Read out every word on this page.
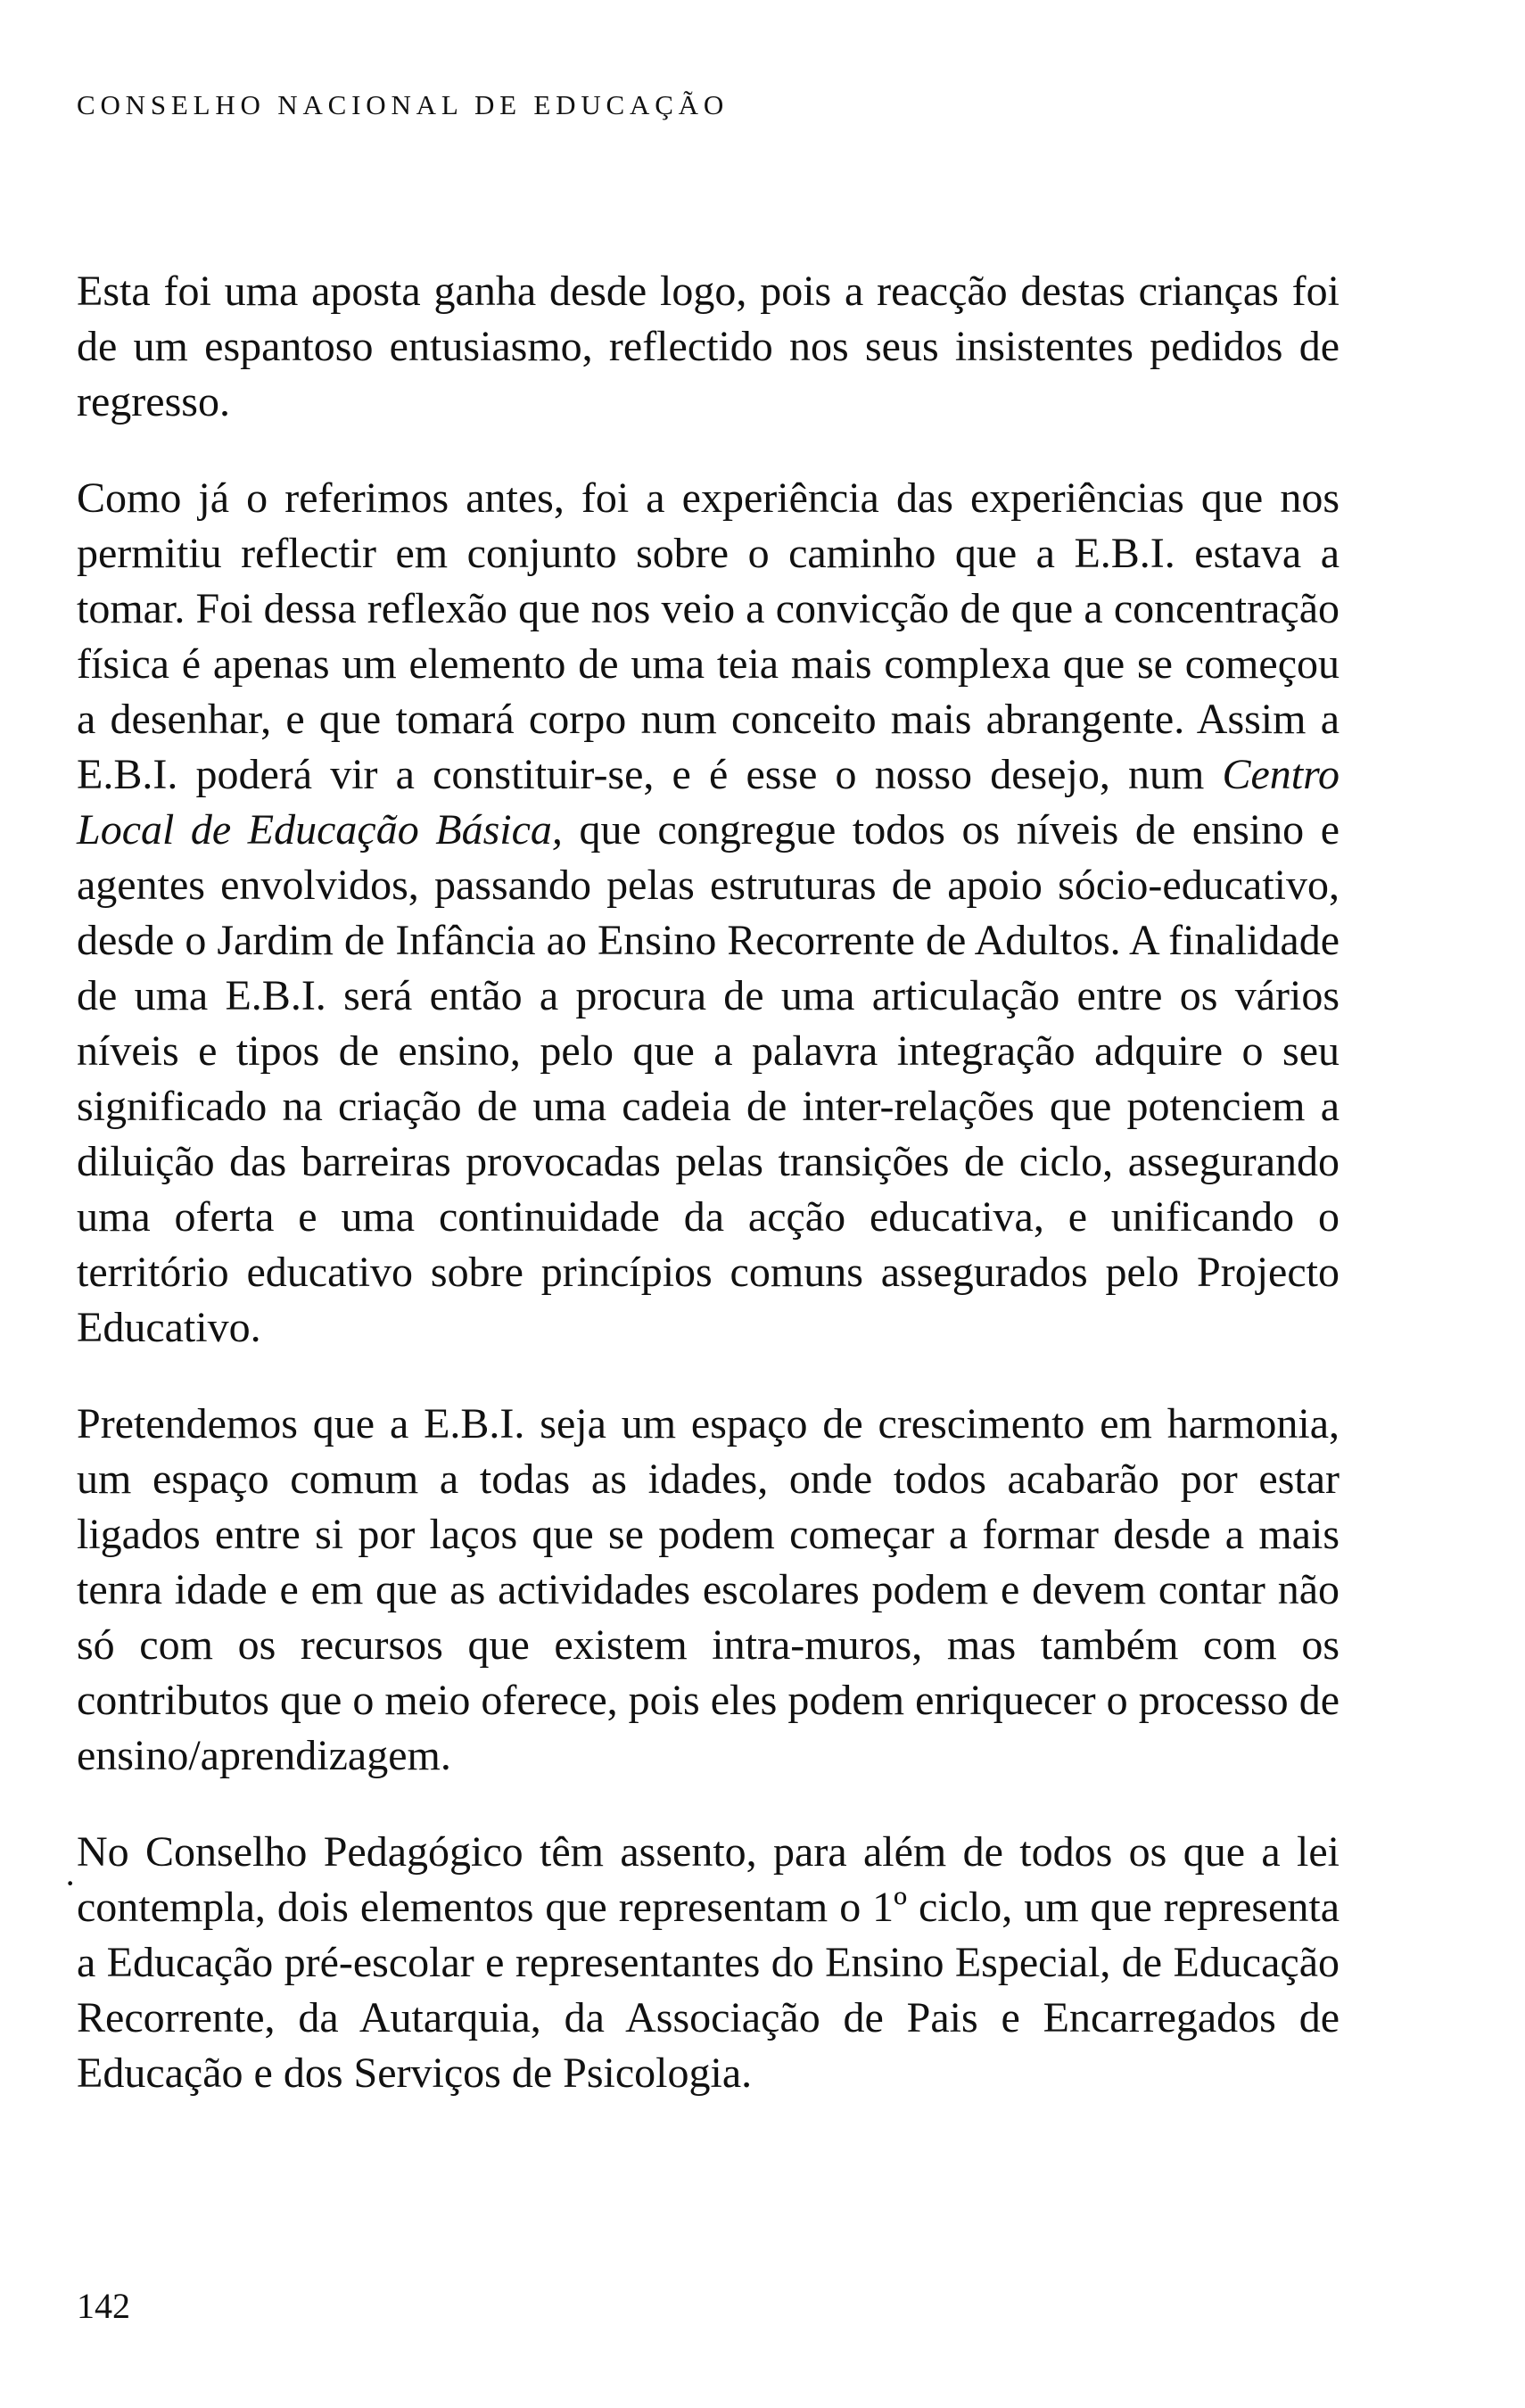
CONSELHO NACIONAL DE EDUCAÇÃO

Esta foi uma aposta ganha desde logo, pois a reacção destas crianças foi de um espantoso entusiasmo, reflectido nos seus insistentes pedidos de regresso.

Como já o referimos antes, foi a experiência das experiências que nos permitiu reflectir em conjunto sobre o caminho que a E.B.I. estava a tomar. Foi dessa reflexão que nos veio a convicção de que a concentração física é apenas um elemento de uma teia mais complexa que se começou a desenhar, e que tomará corpo num conceito mais abrangente. Assim a E.B.I. poderá vir a constituir-se, e é esse o nosso desejo, num Centro Local de Educação Básica, que congregue todos os níveis de ensino e agentes envolvidos, passando pelas estruturas de apoio sócio-educativo, desde o Jardim de Infância ao Ensino Recorrente de Adultos. A finalidade de uma E.B.I. será então a procura de uma articulação entre os vários níveis e tipos de ensino, pelo que a palavra integração adquire o seu significado na criação de uma cadeia de inter-relações que potenciem a diluição das barreiras provocadas pelas transições de ciclo, assegurando uma oferta e uma continuidade da acção educativa, e unificando o território educativo sobre princípios comuns assegurados pelo Projecto Educativo.

Pretendemos que a E.B.I. seja um espaço de crescimento em harmonia, um espaço comum a todas as idades, onde todos acabarão por estar ligados entre si por laços que se podem começar a formar desde a mais tenra idade e em que as actividades escolares podem e devem contar não só com os recursos que existem intra-muros, mas também com os contributos que o meio oferece, pois eles podem enriquecer o processo de ensino/aprendizagem.

No Conselho Pedagógico têm assento, para além de todos os que a lei contempla, dois elementos que representam o 1º ciclo, um que representa a Educação pré-escolar e representantes do Ensino Especial, de Educação Recorrente, da Autarquia, da Associação de Pais e Encarregados de Educação e dos Serviços de Psicologia.

·
142
